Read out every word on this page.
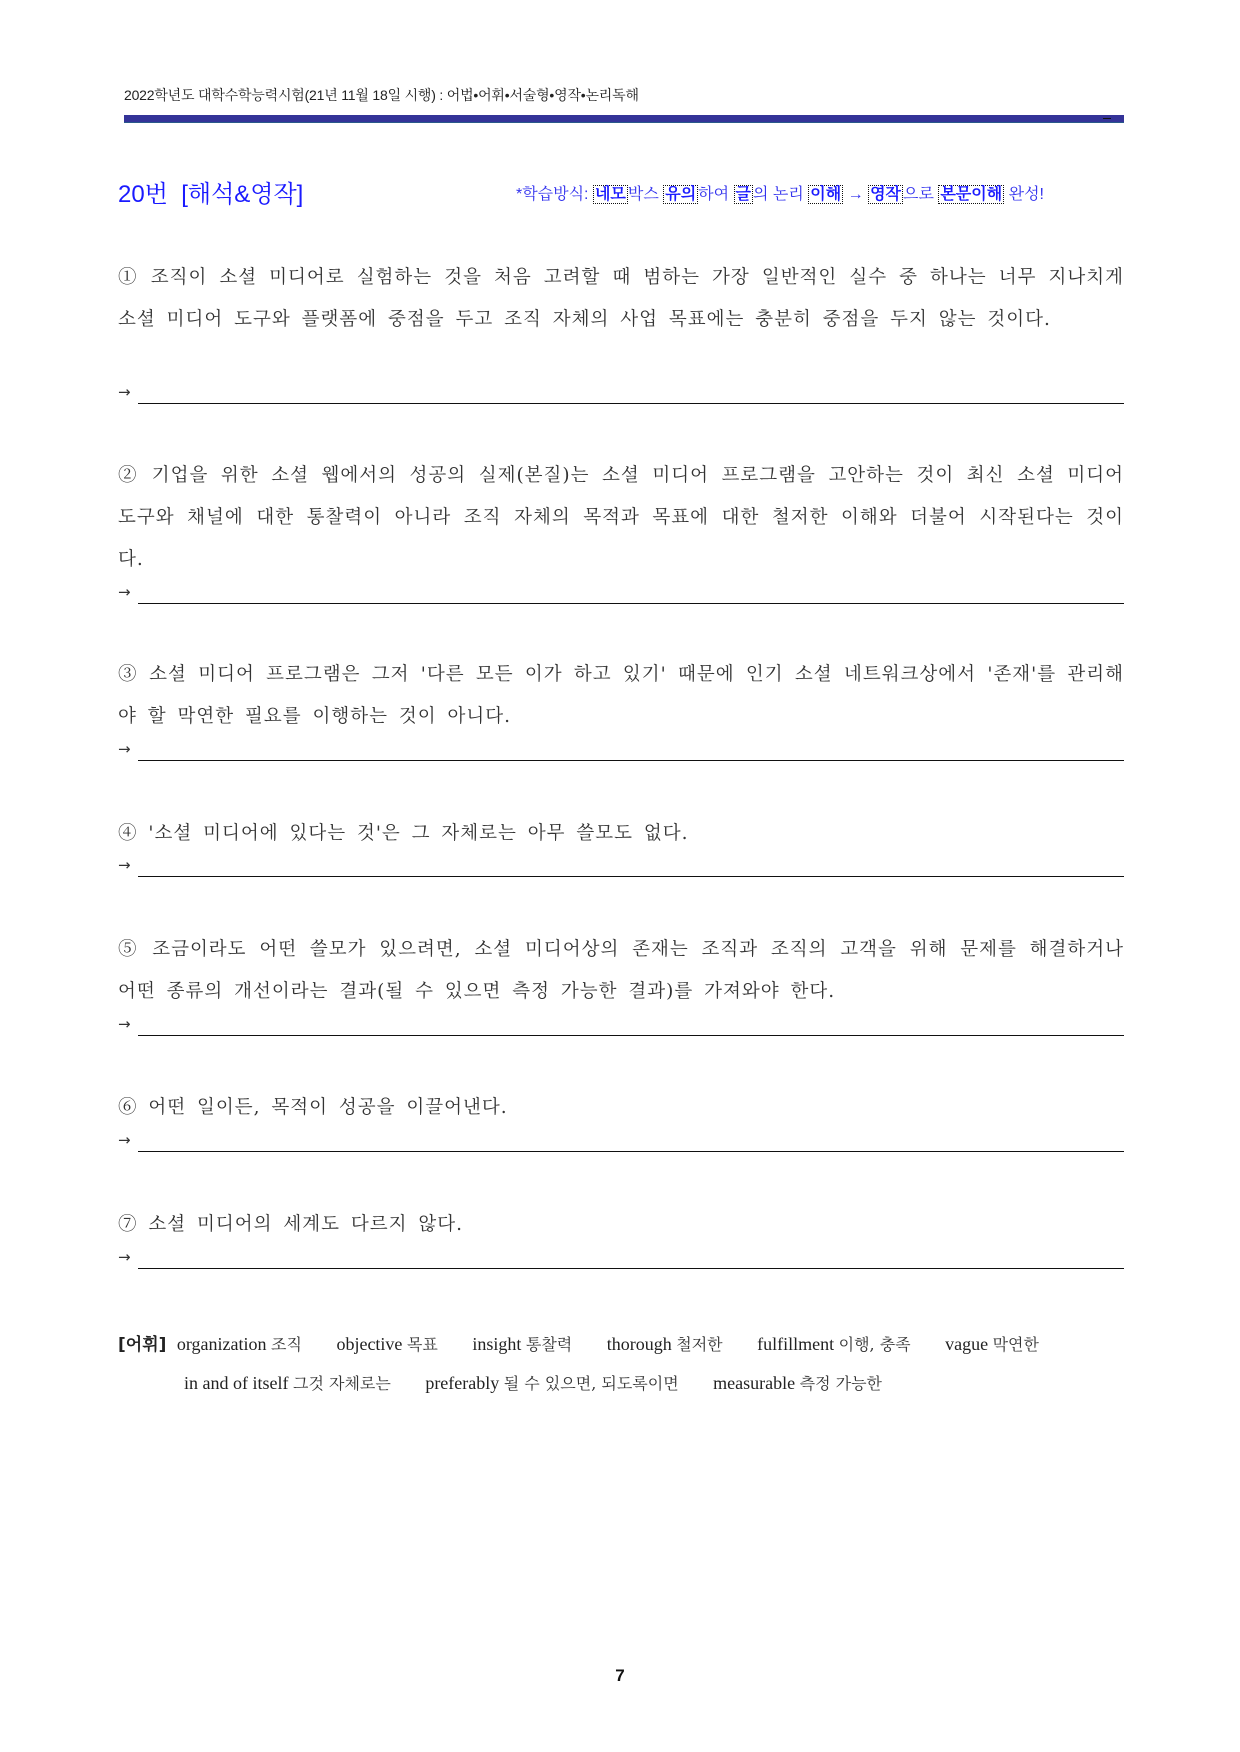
2022학년도 대학수학능력시험(21년 11월 18일 시행) : 어법•어휘•서술형•영작•논리독해
20번  [해석&영작]	*학습방식: 네모 박스 유의 하여 글 의 논리 이해 → 영작 으로 본문이해 완성!
① 조직이 소셜 미디어로 실험하는 것을 처음 고려할 때 범하는 가장 일반적인 실수 중 하나는 너무 지나치게 소셜 미디어 도구와 플랫폼에 중점을 두고 조직 자체의 사업 목표에는 충분히 중점을 두지 않는 것이다.
→
② 기업을 위한 소셜 웹에서의 성공의 실제(본질)는 소셜 미디어 프로그램을 고안하는 것이 최신 소셜 미디어 도구와 채널에 대한 통찰력이 아니라 조직 자체의 목적과 목표에 대한 철저한 이해와 더불어 시작된다는 것이다.
→
③ 소셜 미디어 프로그램은 그저 '다른 모든 이가 하고 있기' 때문에 인기 소셜 네트워크상에서 '존재'를 관리해야 할 막연한 필요를 이행하는 것이 아니다.
→
④ '소셜 미디어에 있다는 것'은 그 자체로는 아무 쓸모도 없다.
→
⑤ 조금이라도 어떤 쓸모가 있으려면, 소셜 미디어상의 존재는 조직과 조직의 고객을 위해 문제를 해결하거나 어떤 종류의 개선이라는 결과(될 수 있으면 측정 가능한 결과)를 가져와야 한다.
→
⑥ 어떤 일이든, 목적이 성공을 이끌어낸다.
→
⑦ 소셜 미디어의 세계도 다르지 않다.
→
[어휘] organization 조직 objective 목표 insight 통찰력 thorough 철저한 fulfillment 이행, 충족 vague 막연한
in and of itself 그것 자체로는 preferably 될 수 있으면, 되도록이면 measurable 측정 가능한
7
